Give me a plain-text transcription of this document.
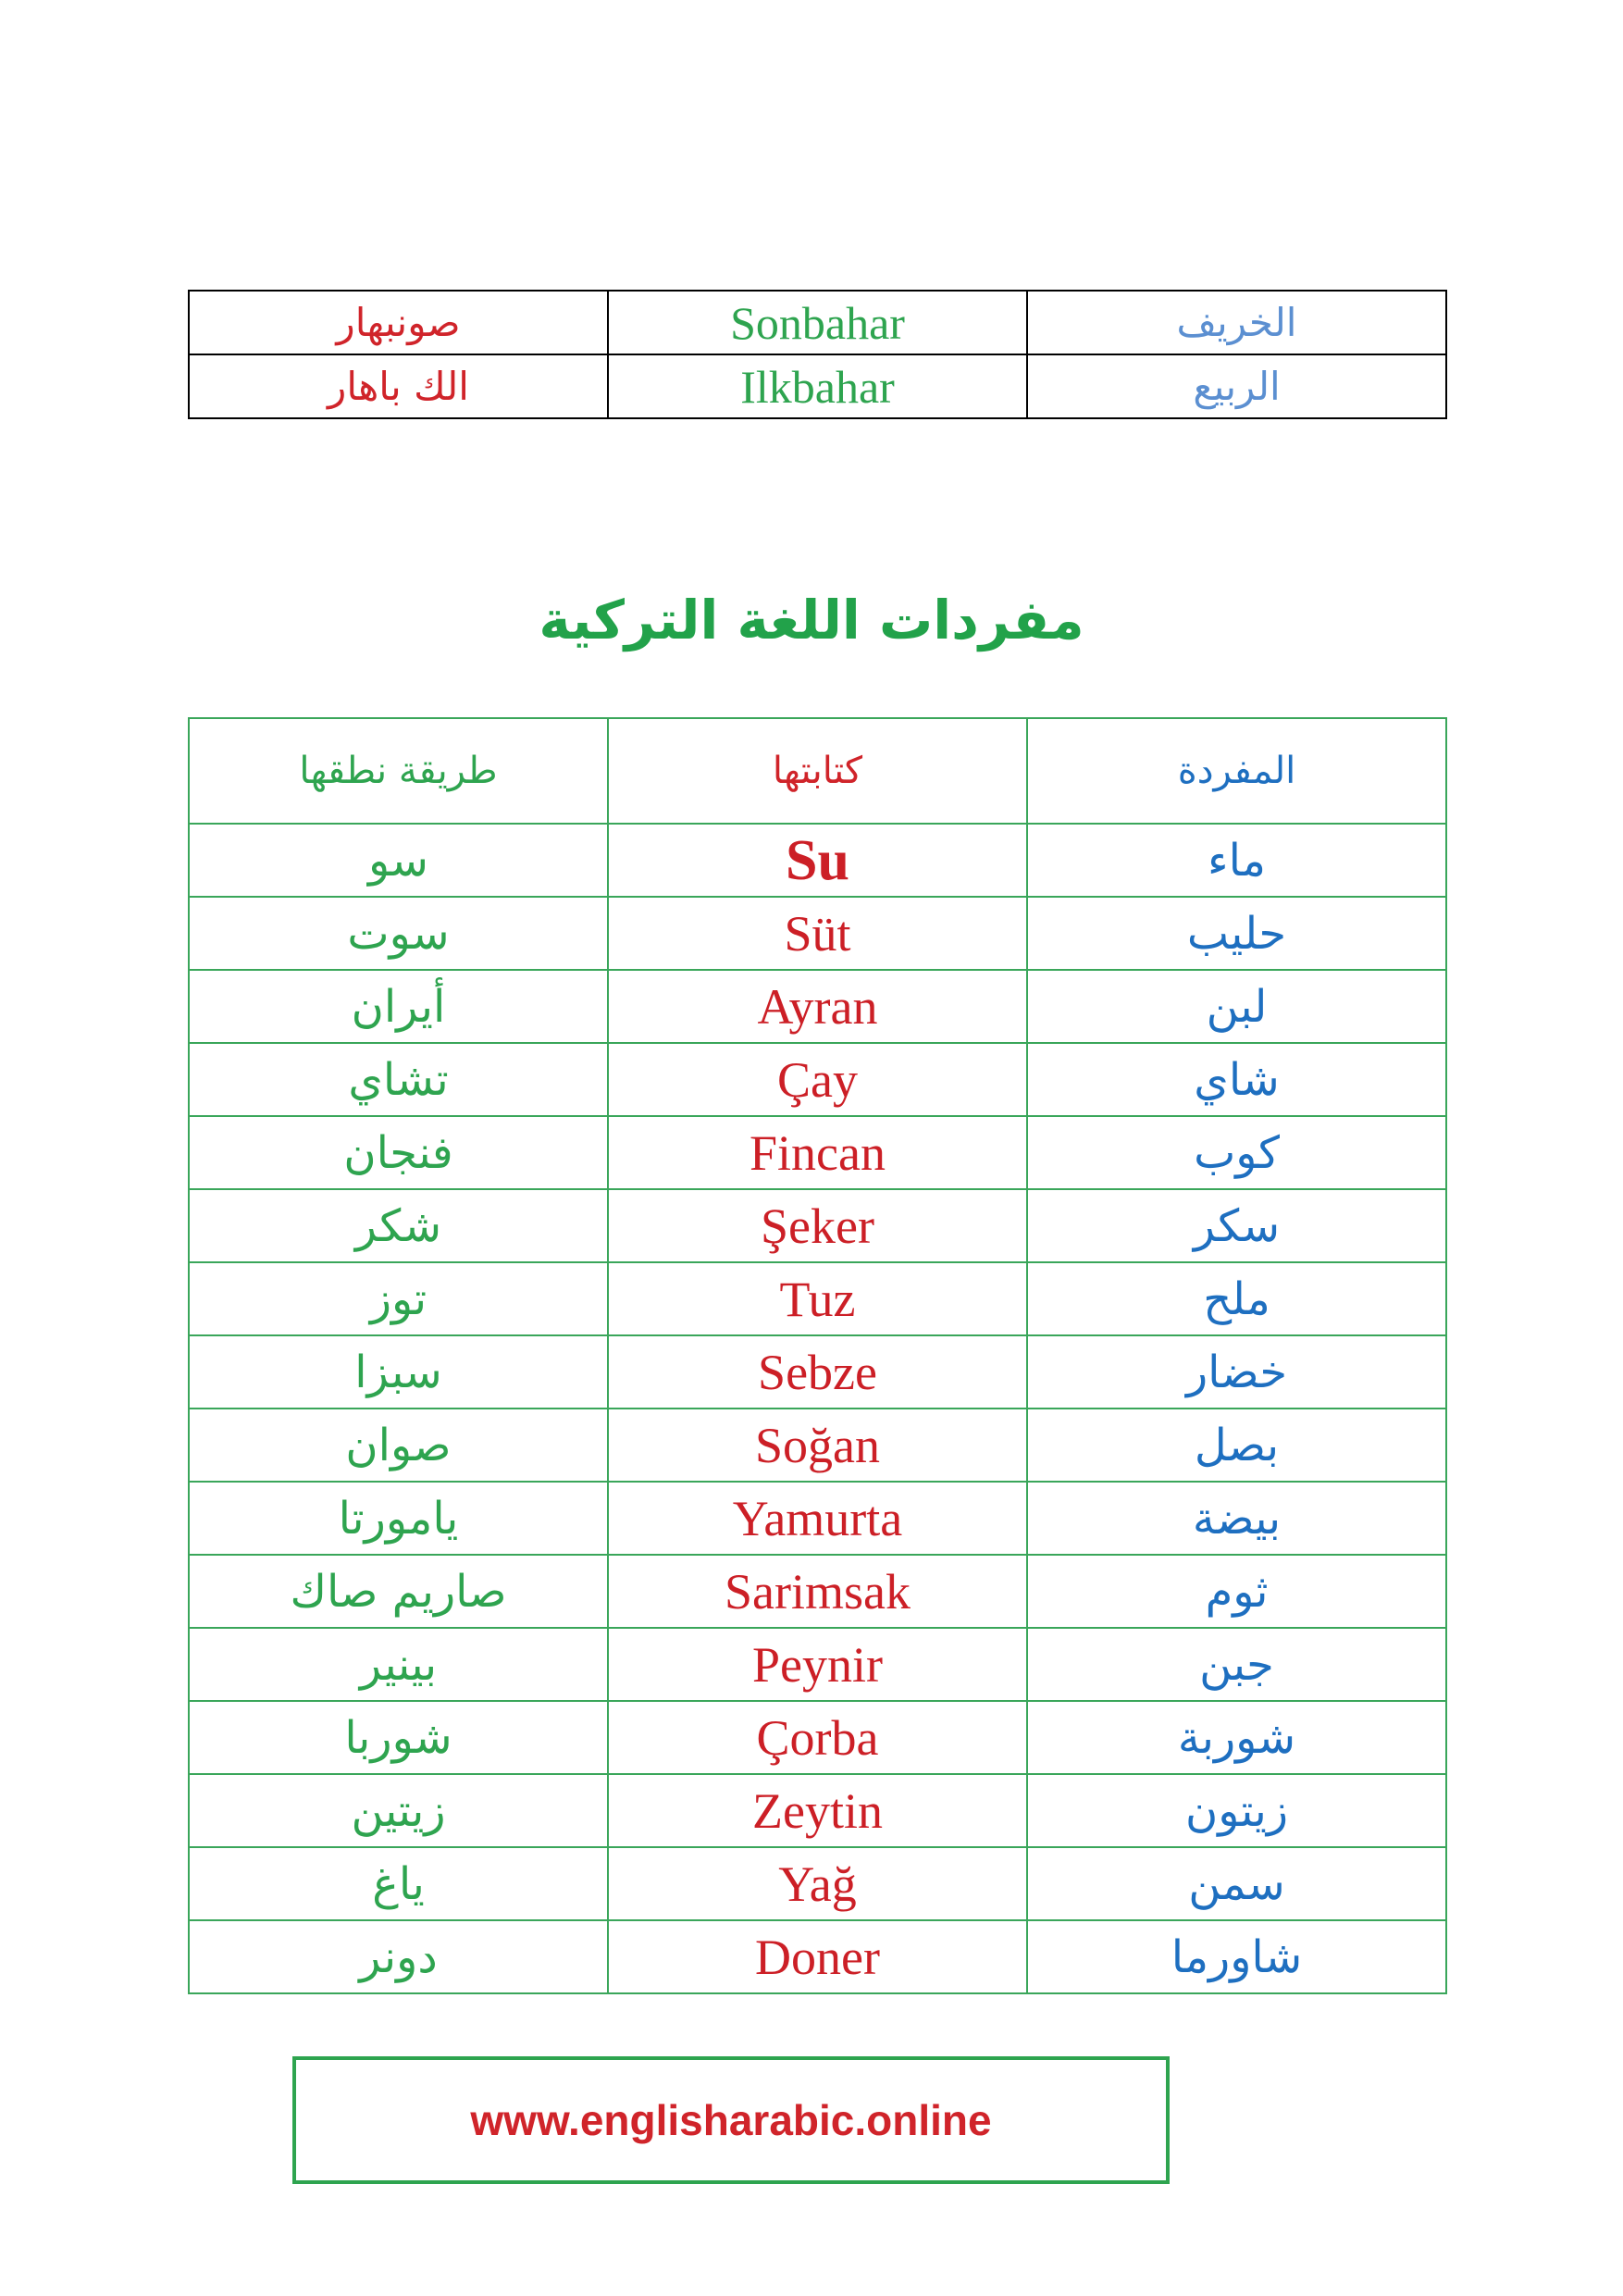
صونبهار	Sonbahar	الخريف
الك باهار	Ilkbahar	الربيع
مفردات اللغة التركية
طريقة نطقها	كتابتها	المفردة
سو	Su	ماء
سوت	Süt	حليب
أيران	Ayran	لبن
تشاي	Çay	شاي
فنجان	Fincan	كوب
شكر	Şeker	سكر
توز	Tuz	ملح
سبزا	Sebze	خضار
صوان	Soğan	بصل
يامورتا	Yamurta	بيضة
صاريم صاك	Sarimsak	ثوم
بينير	Peynir	جبن
شوربا	Çorba	شوربة
زيتين	Zeytin	زيتون
ياغ	Yağ	سمن
دونر	Doner	شاورما
www.englisharabic.online
